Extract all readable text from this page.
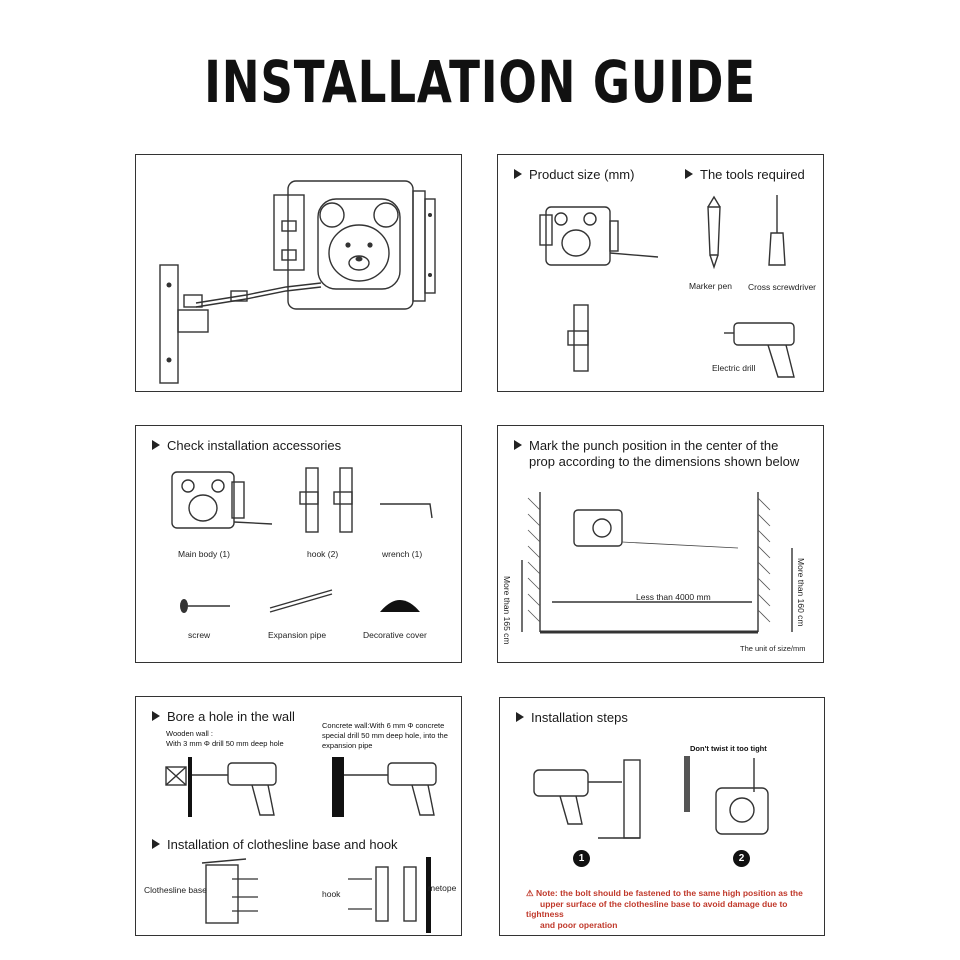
INSTALLATION GUIDE
Product size (mm)	The tools required
Marker pen Cross screwdriver
Electric drill
Check installation accessories
Main body (1)	hook (2)	wrench (1)
screw	Expansion pipe	Decorative cover
Mark the punch position in the center of the
prop according to the dimensions shown below
Less than 4000 mm
More than 165 cm	More than 160 cm
The unit of size/mm
Bore a hole in the wall
Wooden wall :
With 3 mm Φ drill 50 mm deep hole
Concrete wall:With 6 mm Φ concrete
special drill 50 mm deep hole, into the
expansion pipe
Installation of clothesline base and hook
Clothesline base	hook
metope
Installation steps
Don't twist it too tight
1	2
⚠ Note: the bolt should be fastened to the same high position as the
upper surface of the clothesline base to avoid damage due to tightness
and poor operation
